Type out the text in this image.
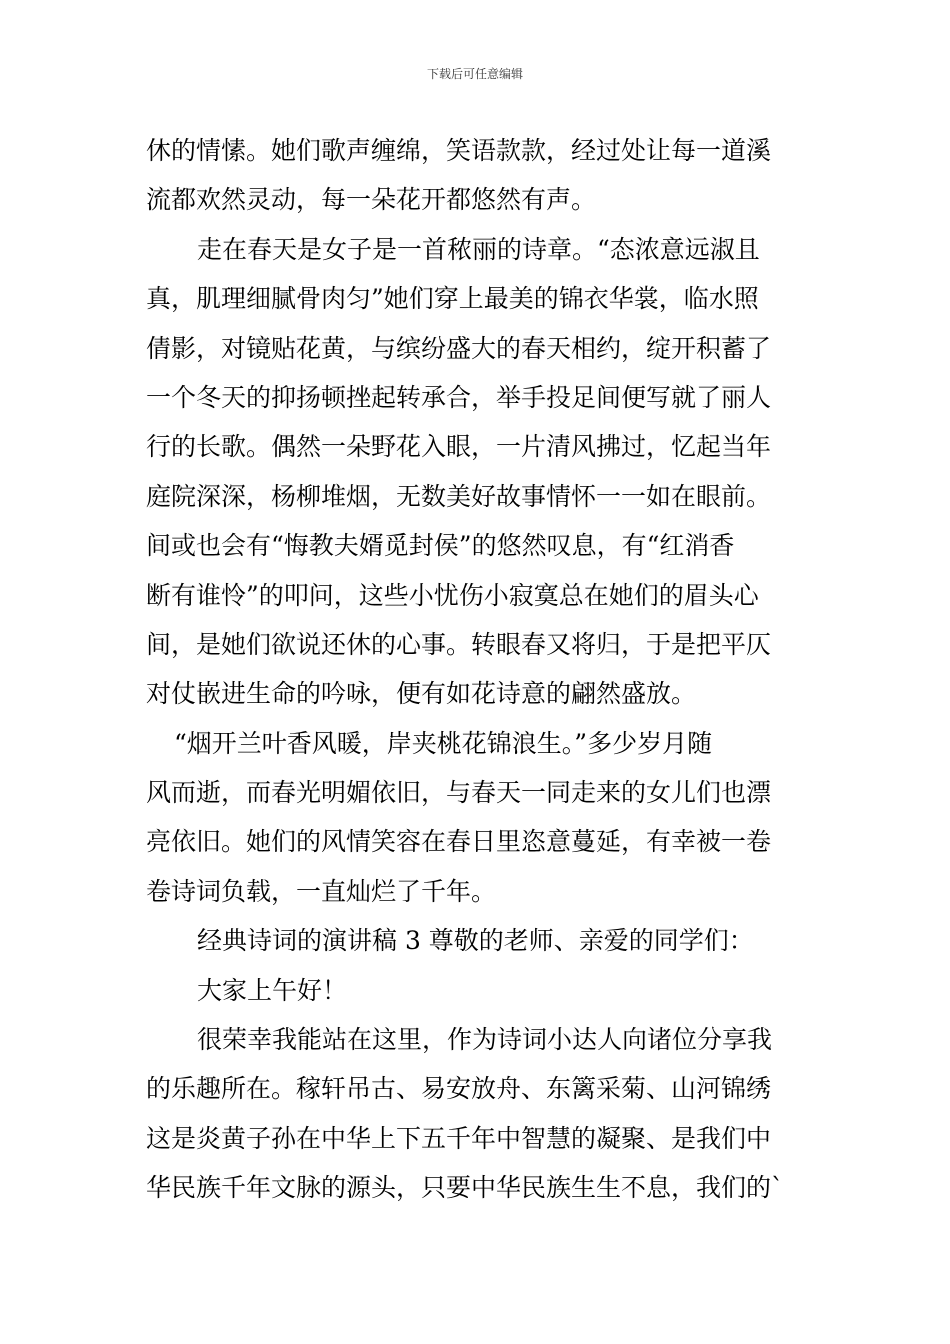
下载后可任意编辑
休的情愫。她们歌声缠绵，笑语款款，经过处让每一道溪
流都欢然灵动，每一朵花开都悠然有声。
走在春天是女子是一首秾丽的诗章。“态浓意远淑且
真，肌理细腻骨肉匀”她们穿上最美的锦衣华裳，临水照
倩影，对镜贴花黄，与缤纷盛大的春天相约，绽开积蓄了
一个冬天的抑扬顿挫起转承合，举手投足间便写就了丽人
行的长歌。偶然一朵野花入眼，一片清风拂过，忆起当年
庭院深深，杨柳堆烟，无数美好故事情怀一一如在眼前。
间或也会有“悔教夫婿觅封侯”的悠然叹息，有“红消香
断有谁怜”的叩问，这些小忧伤小寂寞总在她们的眉头心
间，是她们欲说还休的心事。转眼春又将归，于是把平仄
对仗嵌进生命的吟咏，便有如花诗意的翩然盛放。
“烟开兰叶香风暖，岸夹桃花锦浪生。”多少岁月随
风而逝，而春光明媚依旧，与春天一同走来的女儿们也漂
亮依旧。她们的风情笑容在春日里恣意蔓延，有幸被一卷
卷诗词负载，一直灿烂了千年。
经典诗词的演讲稿 3 尊敬的老师、亲爱的同学们：
大家上午好！
很荣幸我能站在这里，作为诗词小达人向诸位分享我
的乐趣所在。稼轩吊古、易安放舟、东篱采菊、山河锦绣
这是炎黄子孙在中华上下五千年中智慧的凝聚、是我们中
华民族千年文脉的源头，只要中华民族生生不息，我们的`
